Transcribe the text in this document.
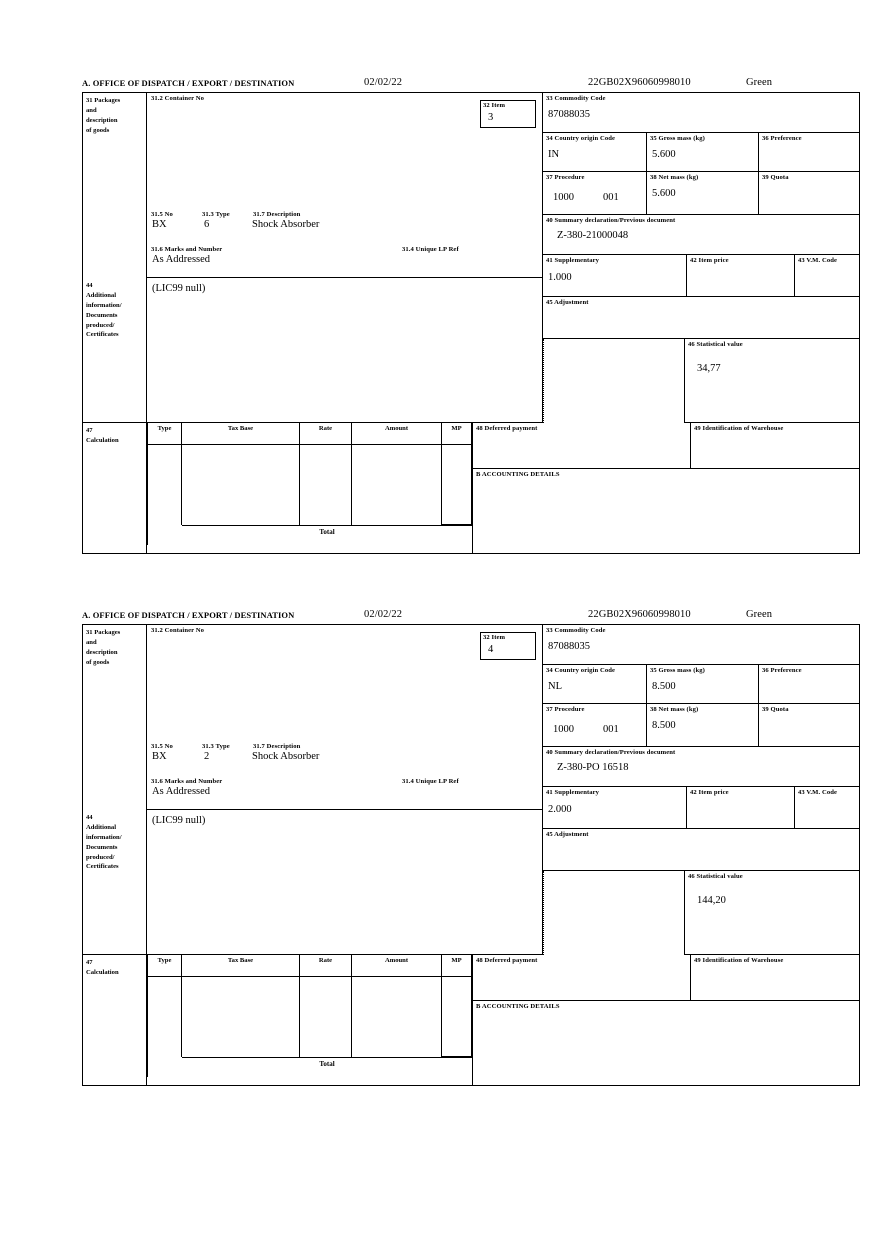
A. OFFICE OF DISPATCH / EXPORT / DESTINATION	02/02/22	22GB02X96060998010	Green
31 Packages
and
description
of goods
31.2 Container No
31.5 No	31.3 Type	31.7 Description
BX	6	Shock Absorber
31.6 Marks and Number	31.4 Unique LP Ref
As Addressed
32 Item
3
33 Commodity Code
87088035
34 Country origin Code
IN
35 Gross mass (kg)
5.600
36 Preference
37 Procedure
1000	001
38 Net mass (kg)
5.600
39 Quota
40 Summary declaration/Previous document
Z-380-21000048
41 Supplementary
1.000
42 Item price	43 V.M. Code
45 Adjustment
44
Additional
information/
Documents
produced/
Certificates
(LIC99 null)
46 Statistical value
34,77
47
Calculation
Type	Tax Base	Rate	Amount	MP
Total
48 Deferred payment	49 Identification of Warehouse
B ACCOUNTING DETAILS
A. OFFICE OF DISPATCH / EXPORT / DESTINATION	02/02/22	22GB02X96060998010	Green
31 Packages
and
description
of goods
31.2 Container No
31.5 No	31.3 Type	31.7 Description
BX	2	Shock Absorber
31.6 Marks and Number	31.4 Unique LP Ref
As Addressed
32 Item
4
33 Commodity Code
87088035
34 Country origin Code
NL
35 Gross mass (kg)
8.500
36 Preference
37 Procedure
1000	001
38 Net mass (kg)
8.500
39 Quota
40 Summary declaration/Previous document
Z-380-PO 16518
41 Supplementary
2.000
42 Item price	43 V.M. Code
45 Adjustment
44
Additional
information/
Documents
produced/
Certificates
(LIC99 null)
46 Statistical value
144,20
47
Calculation
Type	Tax Base	Rate	Amount	MP
Total
48 Deferred payment	49 Identification of Warehouse
B ACCOUNTING DETAILS
